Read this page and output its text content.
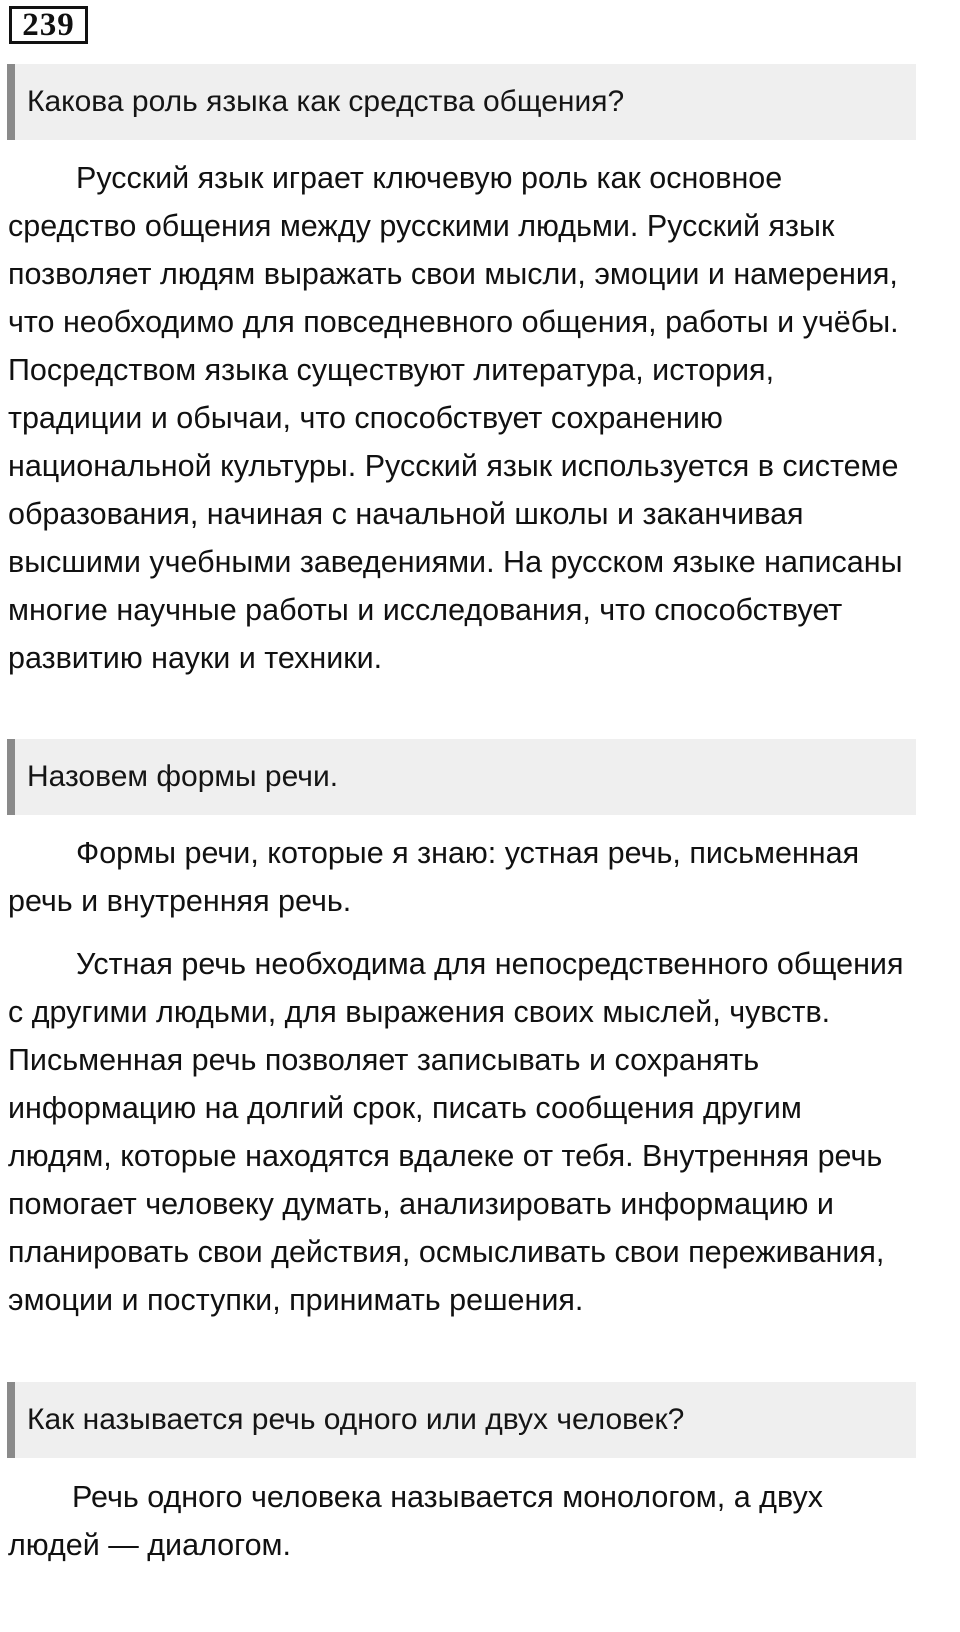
239
Какова роль языка как средства общения?

Русский язык играет ключевую роль как основное средство общения между русскими людьми. Русский язык позволяет людям выражать свои мысли, эмоции и намерения, что необходимо для повседневного общения, работы и учёбы. Посредством языка существуют литература, история, традиции и обычаи, что способствует сохранению национальной культуры. Русский язык используется в системе образования, начиная с начальной школы и заканчивая высшими учебными заведениями. На русском языке написаны многие научные работы и исследования, что способствует развитию науки и техники.

Назовем формы речи.

Формы речи, которые я знаю: устная речь, письменная речь и внутренняя речь.

Устная речь необходима для непосредственного общения с другими людьми, для выражения своих мыслей, чувств. Письменная речь позволяет записывать и сохранять информацию на долгий срок, писать сообщения другим людям, которые находятся вдалеке от тебя. Внутренняя речь помогает человеку думать, анализировать информацию и планировать свои действия, осмысливать свои переживания, эмоции и поступки, принимать решения.

Как называется речь одного или двух человек?

Речь одного человека называется монологом, а двух людей — диалогом.
